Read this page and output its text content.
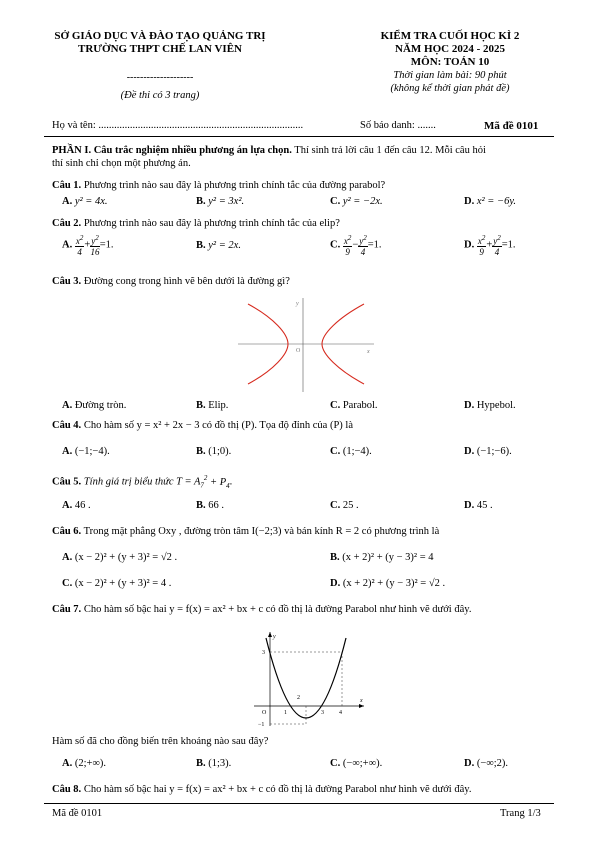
SỞ GIÁO DỤC VÀ ĐÀO TẠO QUẢNG TRỊ
TRƯỜNG THPT CHẾ LAN VIÊN
--------------------
(Đề thi có 3 trang)
KIỂM TRA CUỐI HỌC KÌ 2
NĂM HỌC 2024 - 2025
MÔN: TOÁN 10
Thời gian làm bài: 90 phút
(không kể thời gian phát đề)
Họ và tên: ..............................................................................	Số báo danh: .......	Mã đề 0101
PHẦN I. Câu trắc nghiệm nhiều phương án lựa chọn. Thí sinh trả lời câu 1 đến câu 12. Mỗi câu hỏi
thí sinh chỉ chọn một phương án.
Câu 1. Phương trình nào sau đây là phương trình chính tắc của đường parabol?
A. y² = 4x.	B. y² = 3x².	C. y² = −2x.	D. x² = −6y.
Câu 2. Phương trình nào sau đây là phương trình chính tắc của elip?
A. $\frac{x^2}{4} + \frac{y^2}{16} =1$.	B. y² = 2x.	C. $\frac{x^2}{9} - \frac{y^2}{4} =1$.	D. $\frac{x^2}{9} + \frac{y^2}{4} =1$.
Câu 3. Đường cong trong hình vẽ bên dưới là đường gì?
x
y
O
A. Đường tròn.	B. Elip.	C. Parabol.	D. Hypebol.
Câu 4. Cho hàm số y = x² + 2x − 3 có đồ thị (P). Tọa độ đỉnh của (P) là
A. (−1;−4).	B. (1;0).	C. (1;−4).	D. (−1;−6).
Câu 5. Tính giá trị biểu thức $T = A_7^2 + P_4$.
A. 46 .	B. 66 .	C. 25 .	D. 45 .
Câu 6. Trong mặt phẳng Oxy , đường tròn tâm I(−2;3) và bán kính R = 2 có phương trình là
A. (x − 2)² + (y + 3)² = √2 .	B. (x + 2)² + (y − 3)² = 4
C. (x − 2)² + (y + 3)² = 4 .	D. (x + 2)² + (y − 3)² = √2 .
Câu 7. Cho hàm số bậc hai y = f(x) = ax² + bx + c có đồ thị là đường Parabol như hình vẽ dưới đây.
y
x
O	1
2
3	4
3
−1
Hàm số đã cho đồng biến trên khoảng nào sau đây?
A. (2;+∞).	B. (1;3).	C. (−∞;+∞).	D. (−∞;2).
Câu 8. Cho hàm số bậc hai y = f(x) = ax² + bx + c có đồ thị là đường Parabol như hình vẽ dưới đây.
Mã đề 0101	Trang 1/3
